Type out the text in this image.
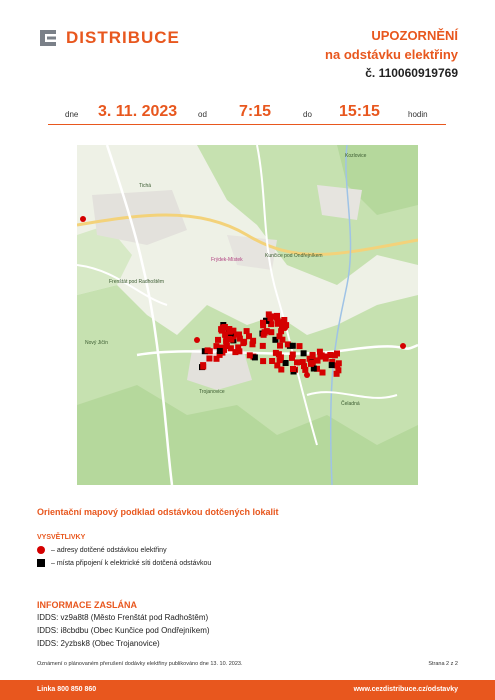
DISTRIBUCE	UPOZORNĚNÍ
na odstávku elektřiny
č. 110060919769
dne 3. 11. 2023	od 7:15	do 15:15	hodin
Kozlovice
Tichá
Frenštát pod Radhoštěm
Nový Jičín
Trojanovice
Kunčice pod Ondřejníkem
Čeladná
Frýdek-Místek
Orientační mapový podklad odstávkou dotčených lokalit
VYSVĚTLIVKY
– adresy dotčené odstávkou elektřiny
– místa připojení k elektrické síti dotčená odstávkou
INFORMACE ZASLÁNA
IDDS: vz9a8t8 (Město Frenštát pod Radhoštěm)
IDDS: i8cbdbu (Obec Kunčice pod Ondřejníkem)
IDDS: 2yzbsk8 (Obec Trojanovice)
Oznámení o plánovaném přerušení dodávky elektřiny publikováno dne 13. 10. 2023.	Strana 2 z 2
Linka 800 850 860	www.cezdistribuce.cz/odstavky
